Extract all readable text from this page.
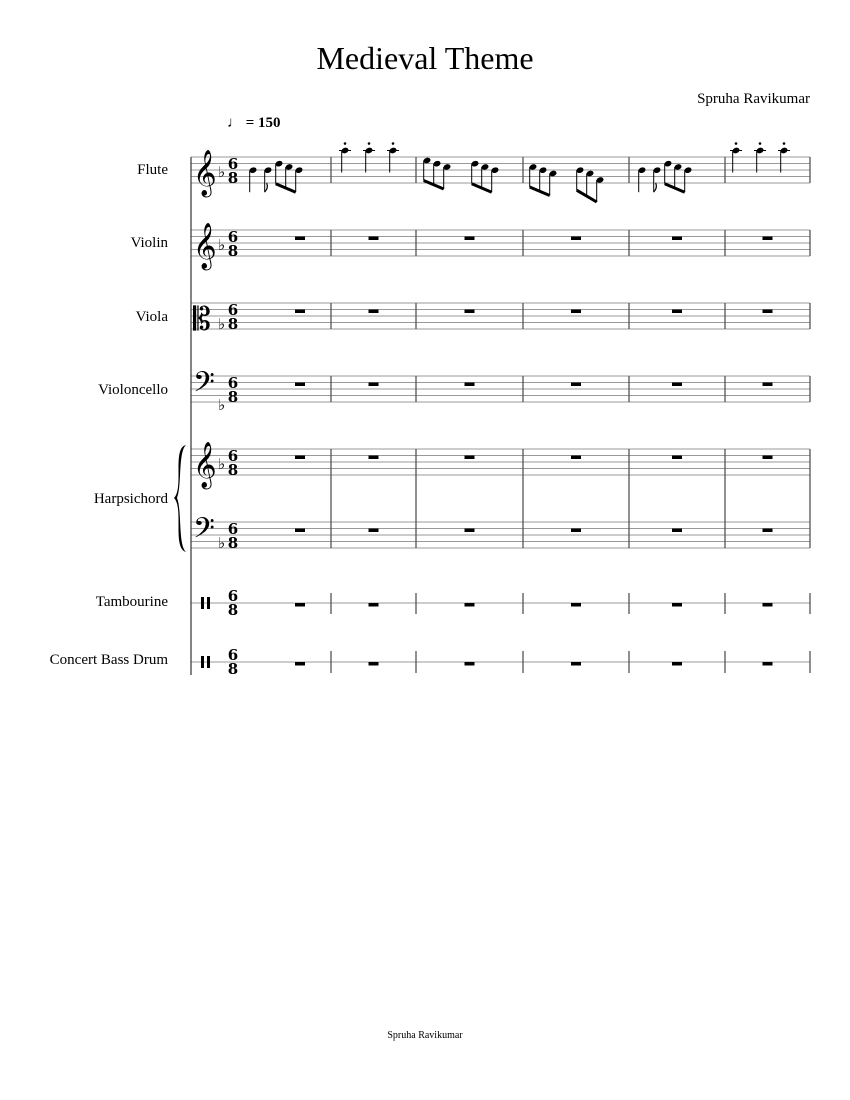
Medieval Theme
Spruha Ravikumar
♩ = 150
Flute
Violin
Viola
Violoncello
Harpsichord
Tambourine
Concert Bass Drum
𝄞
𝄞
𝄡
𝄢
𝄞
𝄢
♭
♭
♭
♭
♭
♭
6
8
6
8
6
8
6
8
6
8
6
8
6
8
6
8
Spruha Ravikumar
